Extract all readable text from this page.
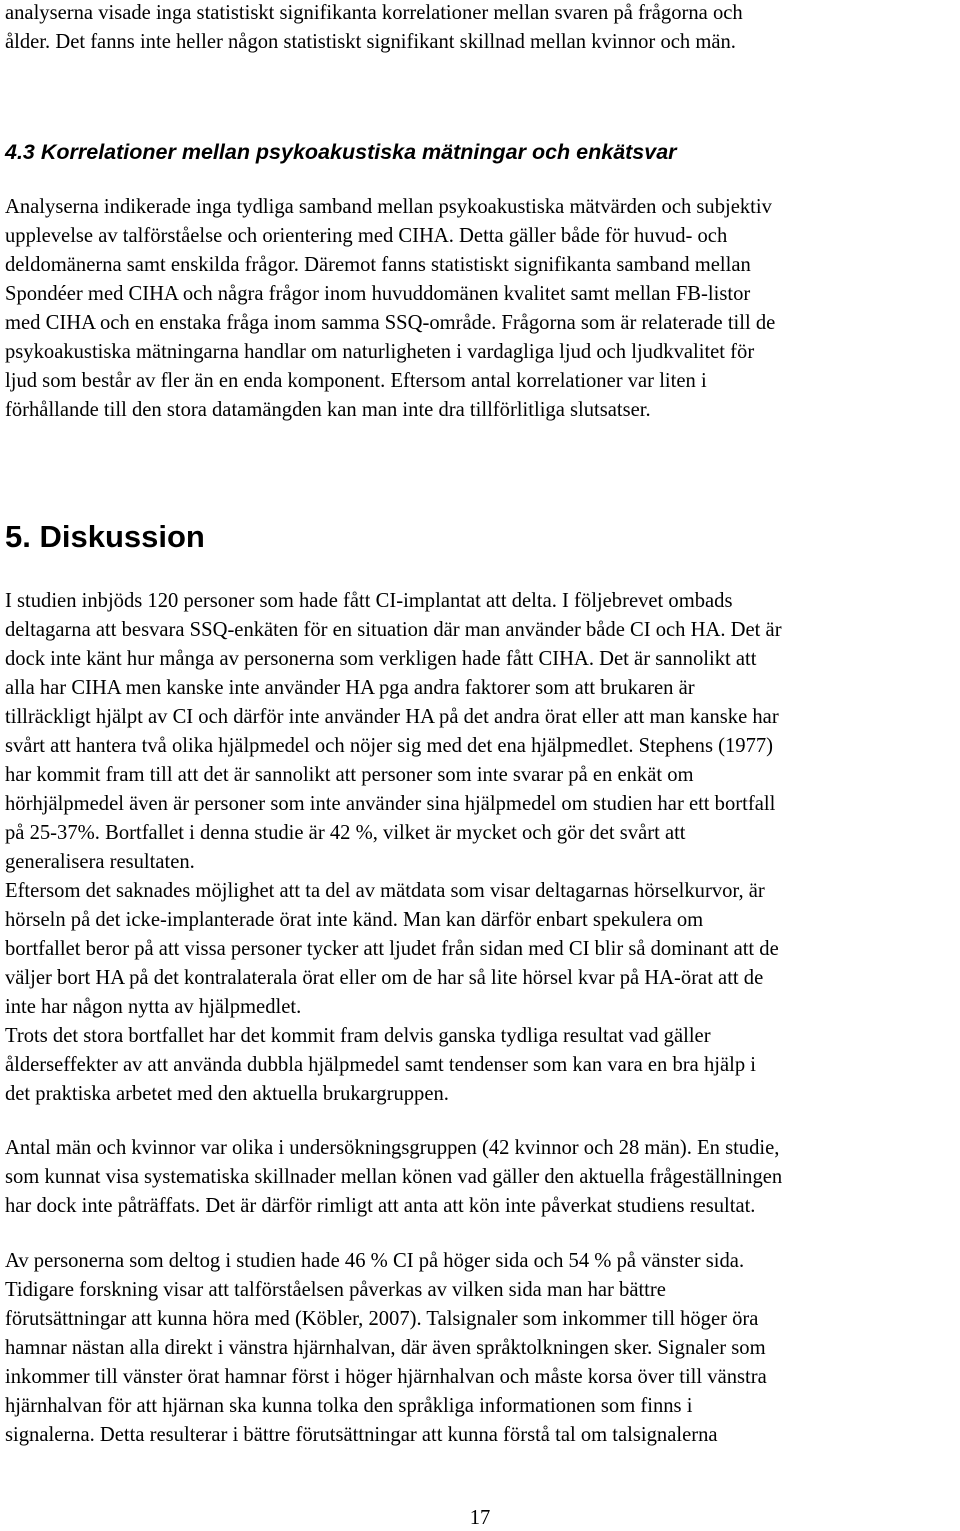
analyserna visade inga statistiskt signifikanta korrelationer mellan svaren på frågorna och
ålder. Det fanns inte heller någon statistiskt signifikant skillnad mellan kvinnor och män.

4.3 Korrelationer mellan psykoakustiska mätningar och enkätsvar

Analyserna indikerade inga tydliga samband mellan psykoakustiska mätvärden och subjektiv
upplevelse av talförståelse och orientering med CIHA. Detta gäller både för huvud- och
deldomänerna samt enskilda frågor. Däremot fanns statistiskt signifikanta samband mellan
Spondéer med CIHA och några frågor inom huvuddomänen kvalitet samt mellan FB-listor
med CIHA och en enstaka fråga inom samma SSQ-område. Frågorna som är relaterade till de
psykoakustiska mätningarna handlar om naturligheten i vardagliga ljud och ljudkvalitet för
ljud som består av fler än en enda komponent. Eftersom antal korrelationer var liten i
förhållande till den stora datamängden kan man inte dra tillförlitliga slutsatser.

5. Diskussion

I studien inbjöds 120 personer som hade fått CI-implantat att delta. I följebrevet ombads
deltagarna att besvara SSQ-enkäten för en situation där man använder både CI och HA. Det är
dock inte känt hur många av personerna som verkligen hade fått CIHA. Det är sannolikt att
alla har CIHA men kanske inte använder HA pga andra faktorer som att brukaren är
tillräckligt hjälpt av CI och därför inte använder HA på det andra örat eller att man kanske har
svårt att hantera två olika hjälpmedel och nöjer sig med det ena hjälpmedlet. Stephens (1977)
har kommit fram till att det är sannolikt att personer som inte svarar på en enkät om
hörhjälpmedel även är personer som inte använder sina hjälpmedel om studien har ett bortfall
på 25-37%. Bortfallet i denna studie är 42 %, vilket är mycket och gör det svårt att
generalisera resultaten.

Eftersom det saknades möjlighet att ta del av mätdata som visar deltagarnas hörselkurvor, är
hörseln på det icke-implanterade örat inte känd. Man kan därför enbart spekulera om
bortfallet beror på att vissa personer tycker att ljudet från sidan med CI blir så dominant att de
väljer bort HA på det kontralaterala örat eller om de har så lite hörsel kvar på HA-örat att de
inte har någon nytta av hjälpmedlet.

Trots det stora bortfallet har det kommit fram delvis ganska tydliga resultat vad gäller
ålderseffekter av att använda dubbla hjälpmedel samt tendenser som kan vara en bra hjälp i
det praktiska arbetet med den aktuella brukargruppen.

Antal män och kvinnor var olika i undersökningsgruppen (42 kvinnor och 28 män). En studie,
som kunnat visa systematiska skillnader mellan könen vad gäller den aktuella frågeställningen
har dock inte påträffats. Det är därför rimligt att anta att kön inte påverkat studiens resultat.

Av personerna som deltog i studien hade 46 % CI på höger sida och 54 % på vänster sida.
Tidigare forskning visar att talförståelsen påverkas av vilken sida man har bättre
förutsättningar att kunna höra med (Köbler, 2007). Talsignaler som inkommer till höger öra
hamnar nästan alla direkt i vänstra hjärnhalvan, där även språktolkningen sker. Signaler som
inkommer till vänster örat hamnar först i höger hjärnhalvan och måste korsa över till vänstra
hjärnhalvan för att hjärnan ska kunna tolka den språkliga informationen som finns i
signalerna. Detta resulterar i bättre förutsättningar att kunna förstå tal om talsignalerna

17
